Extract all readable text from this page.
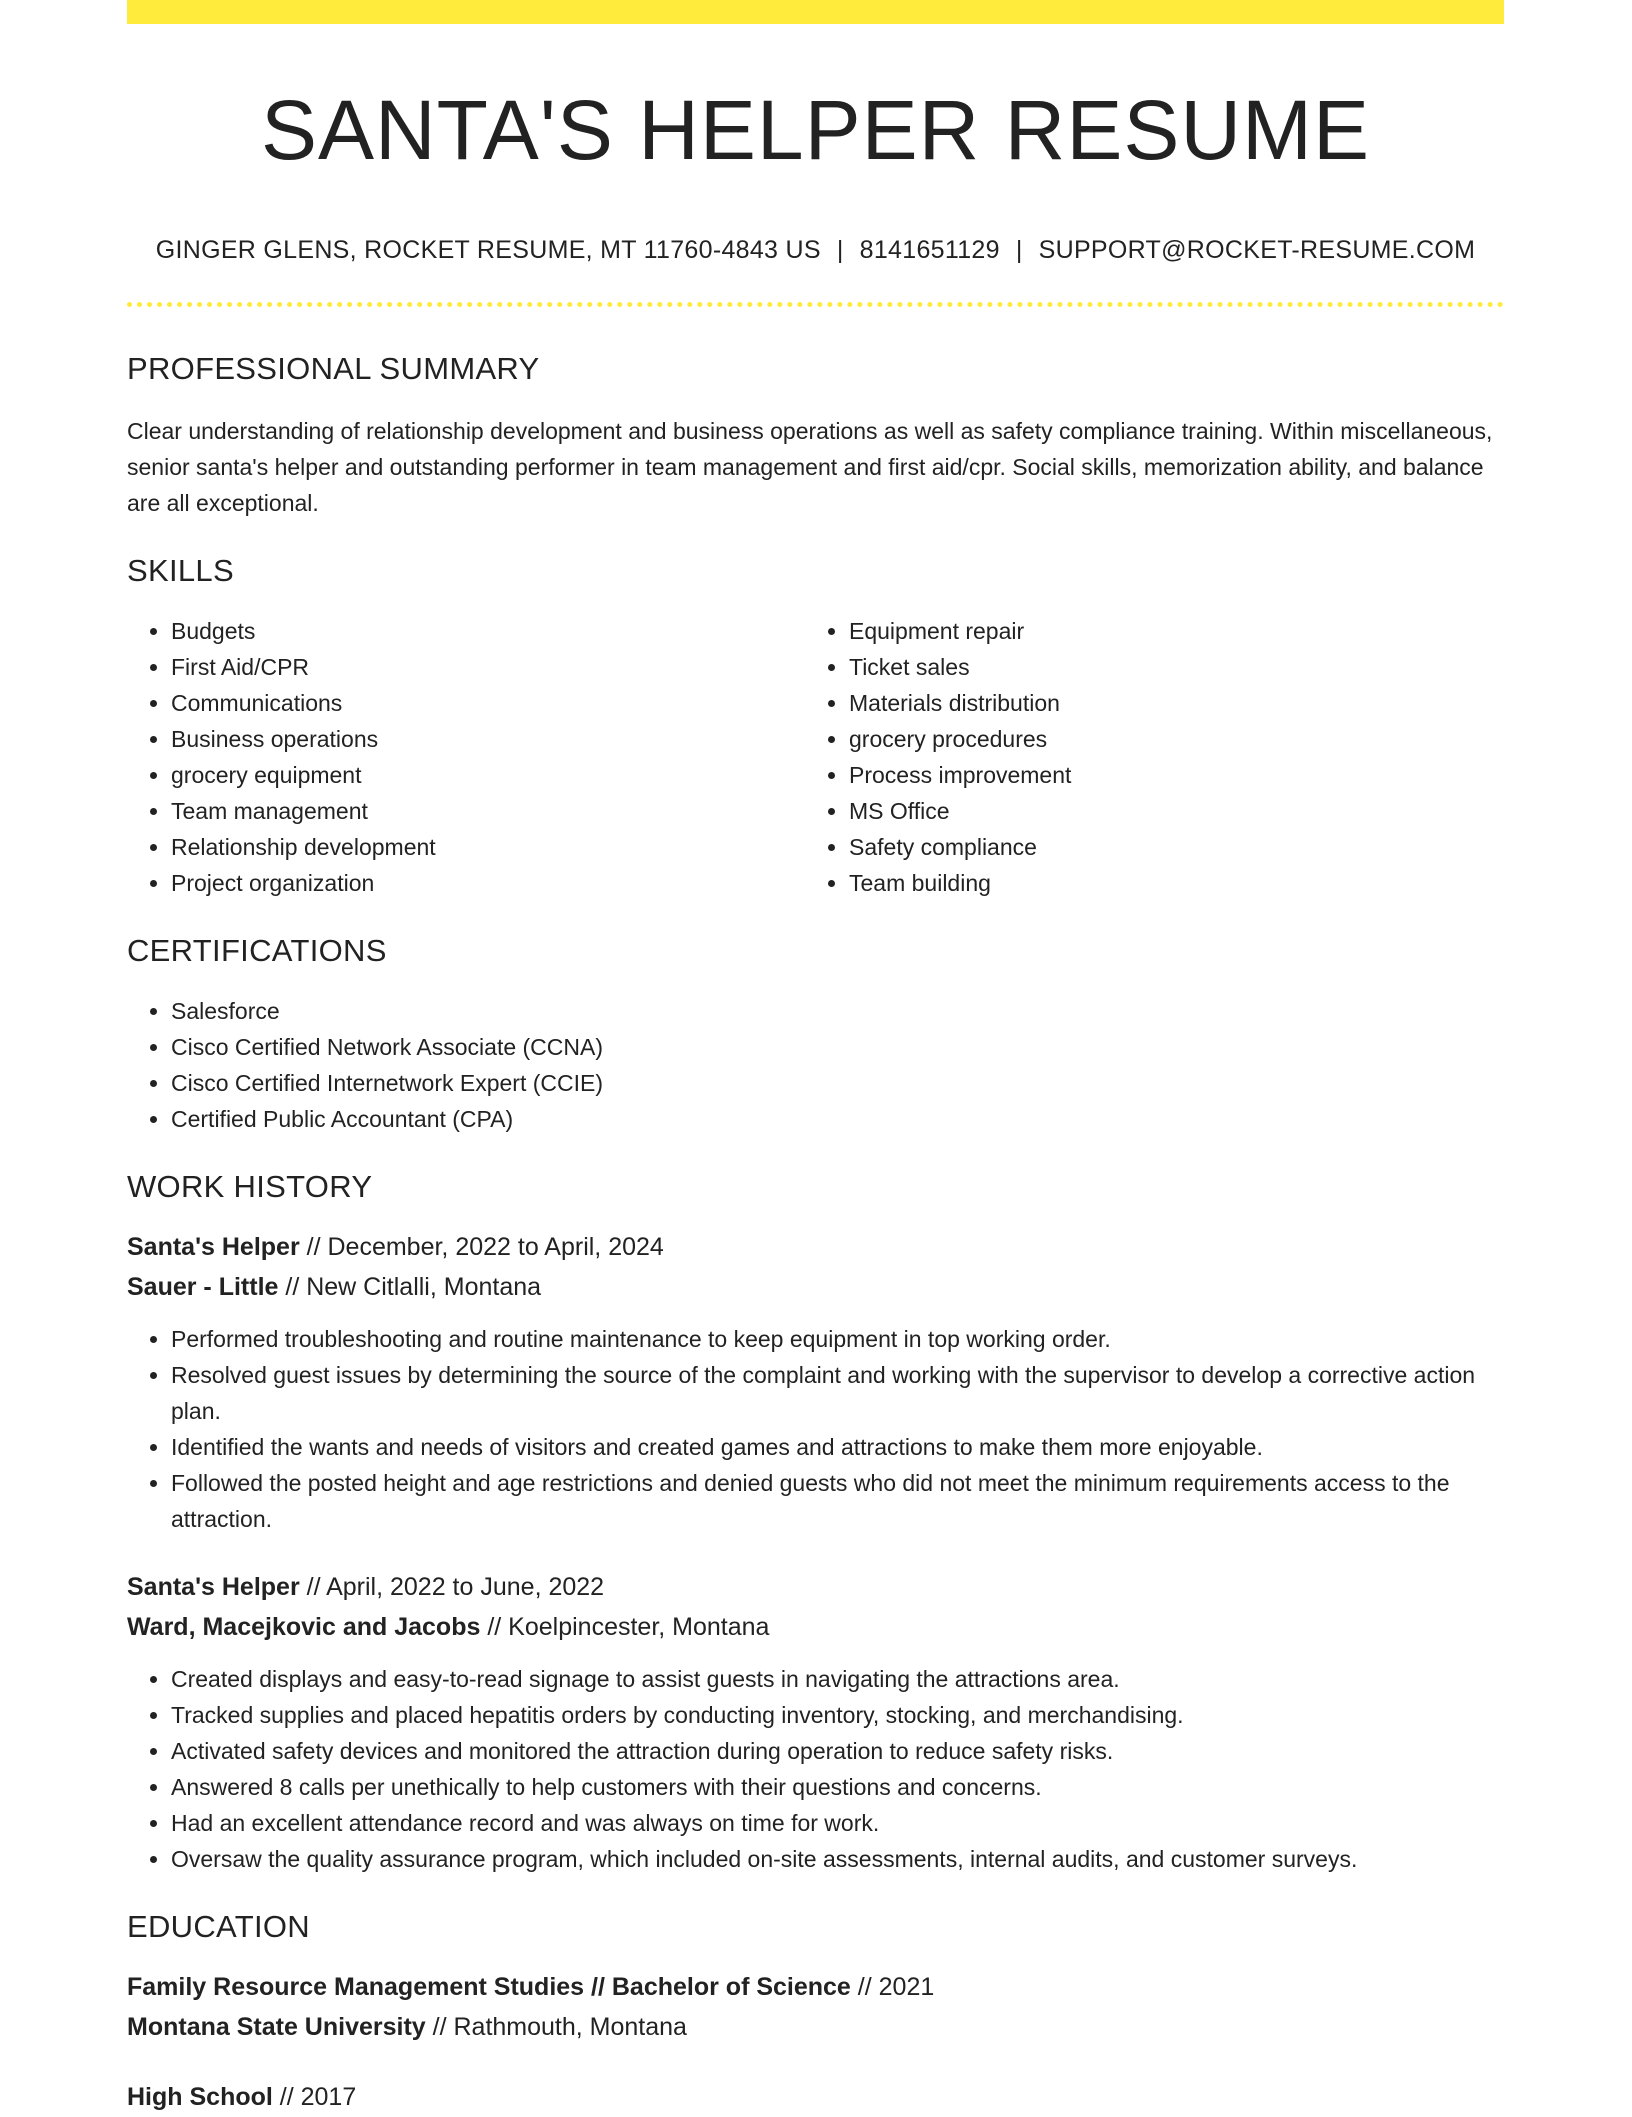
SANTA'S HELPER RESUME
GINGER GLENS, ROCKET RESUME, MT 11760-4843 US | 8141651129 | SUPPORT@ROCKET-RESUME.COM
PROFESSIONAL SUMMARY

Clear understanding of relationship development and business operations as well as safety compliance training. Within miscellaneous, senior santa's helper and outstanding performer in team management and first aid/cpr. Social skills, memorization ability, and balance are all exceptional.

SKILLS
• Budgets
• First Aid/CPR
• Communications
• Business operations
• grocery equipment
• Team management
• Relationship development
• Project organization
• Equipment repair
• Ticket sales
• Materials distribution
• grocery procedures
• Process improvement
• MS Office
• Safety compliance
• Team building
CERTIFICATIONS
• Salesforce
• Cisco Certified Network Associate (CCNA)
• Cisco Certified Internetwork Expert (CCIE)
• Certified Public Accountant (CPA)
WORK HISTORY
Santa's Helper // December, 2022 to April, 2024
Sauer - Little // New Citlalli, Montana
• Performed troubleshooting and routine maintenance to keep equipment in top working order.
• Resolved guest issues by determining the source of the complaint and working with the supervisor to develop a corrective action plan.
• Identified the wants and needs of visitors and created games and attractions to make them more enjoyable.
• Followed the posted height and age restrictions and denied guests who did not meet the minimum requirements access to the attraction.
Santa's Helper // April, 2022 to June, 2022
Ward, Macejkovic and Jacobs // Koelpincester, Montana
• Created displays and easy-to-read signage to assist guests in navigating the attractions area.
• Tracked supplies and placed hepatitis orders by conducting inventory, stocking, and merchandising.
• Activated safety devices and monitored the attraction during operation to reduce safety risks.
• Answered 8 calls per unethically to help customers with their questions and concerns.
• Had an excellent attendance record and was always on time for work.
• Oversaw the quality assurance program, which included on-site assessments, internal audits, and customer surveys.
EDUCATION
Family Resource Management Studies // Bachelor of Science // 2021
Montana State University // Rathmouth, Montana
High School // 2017
